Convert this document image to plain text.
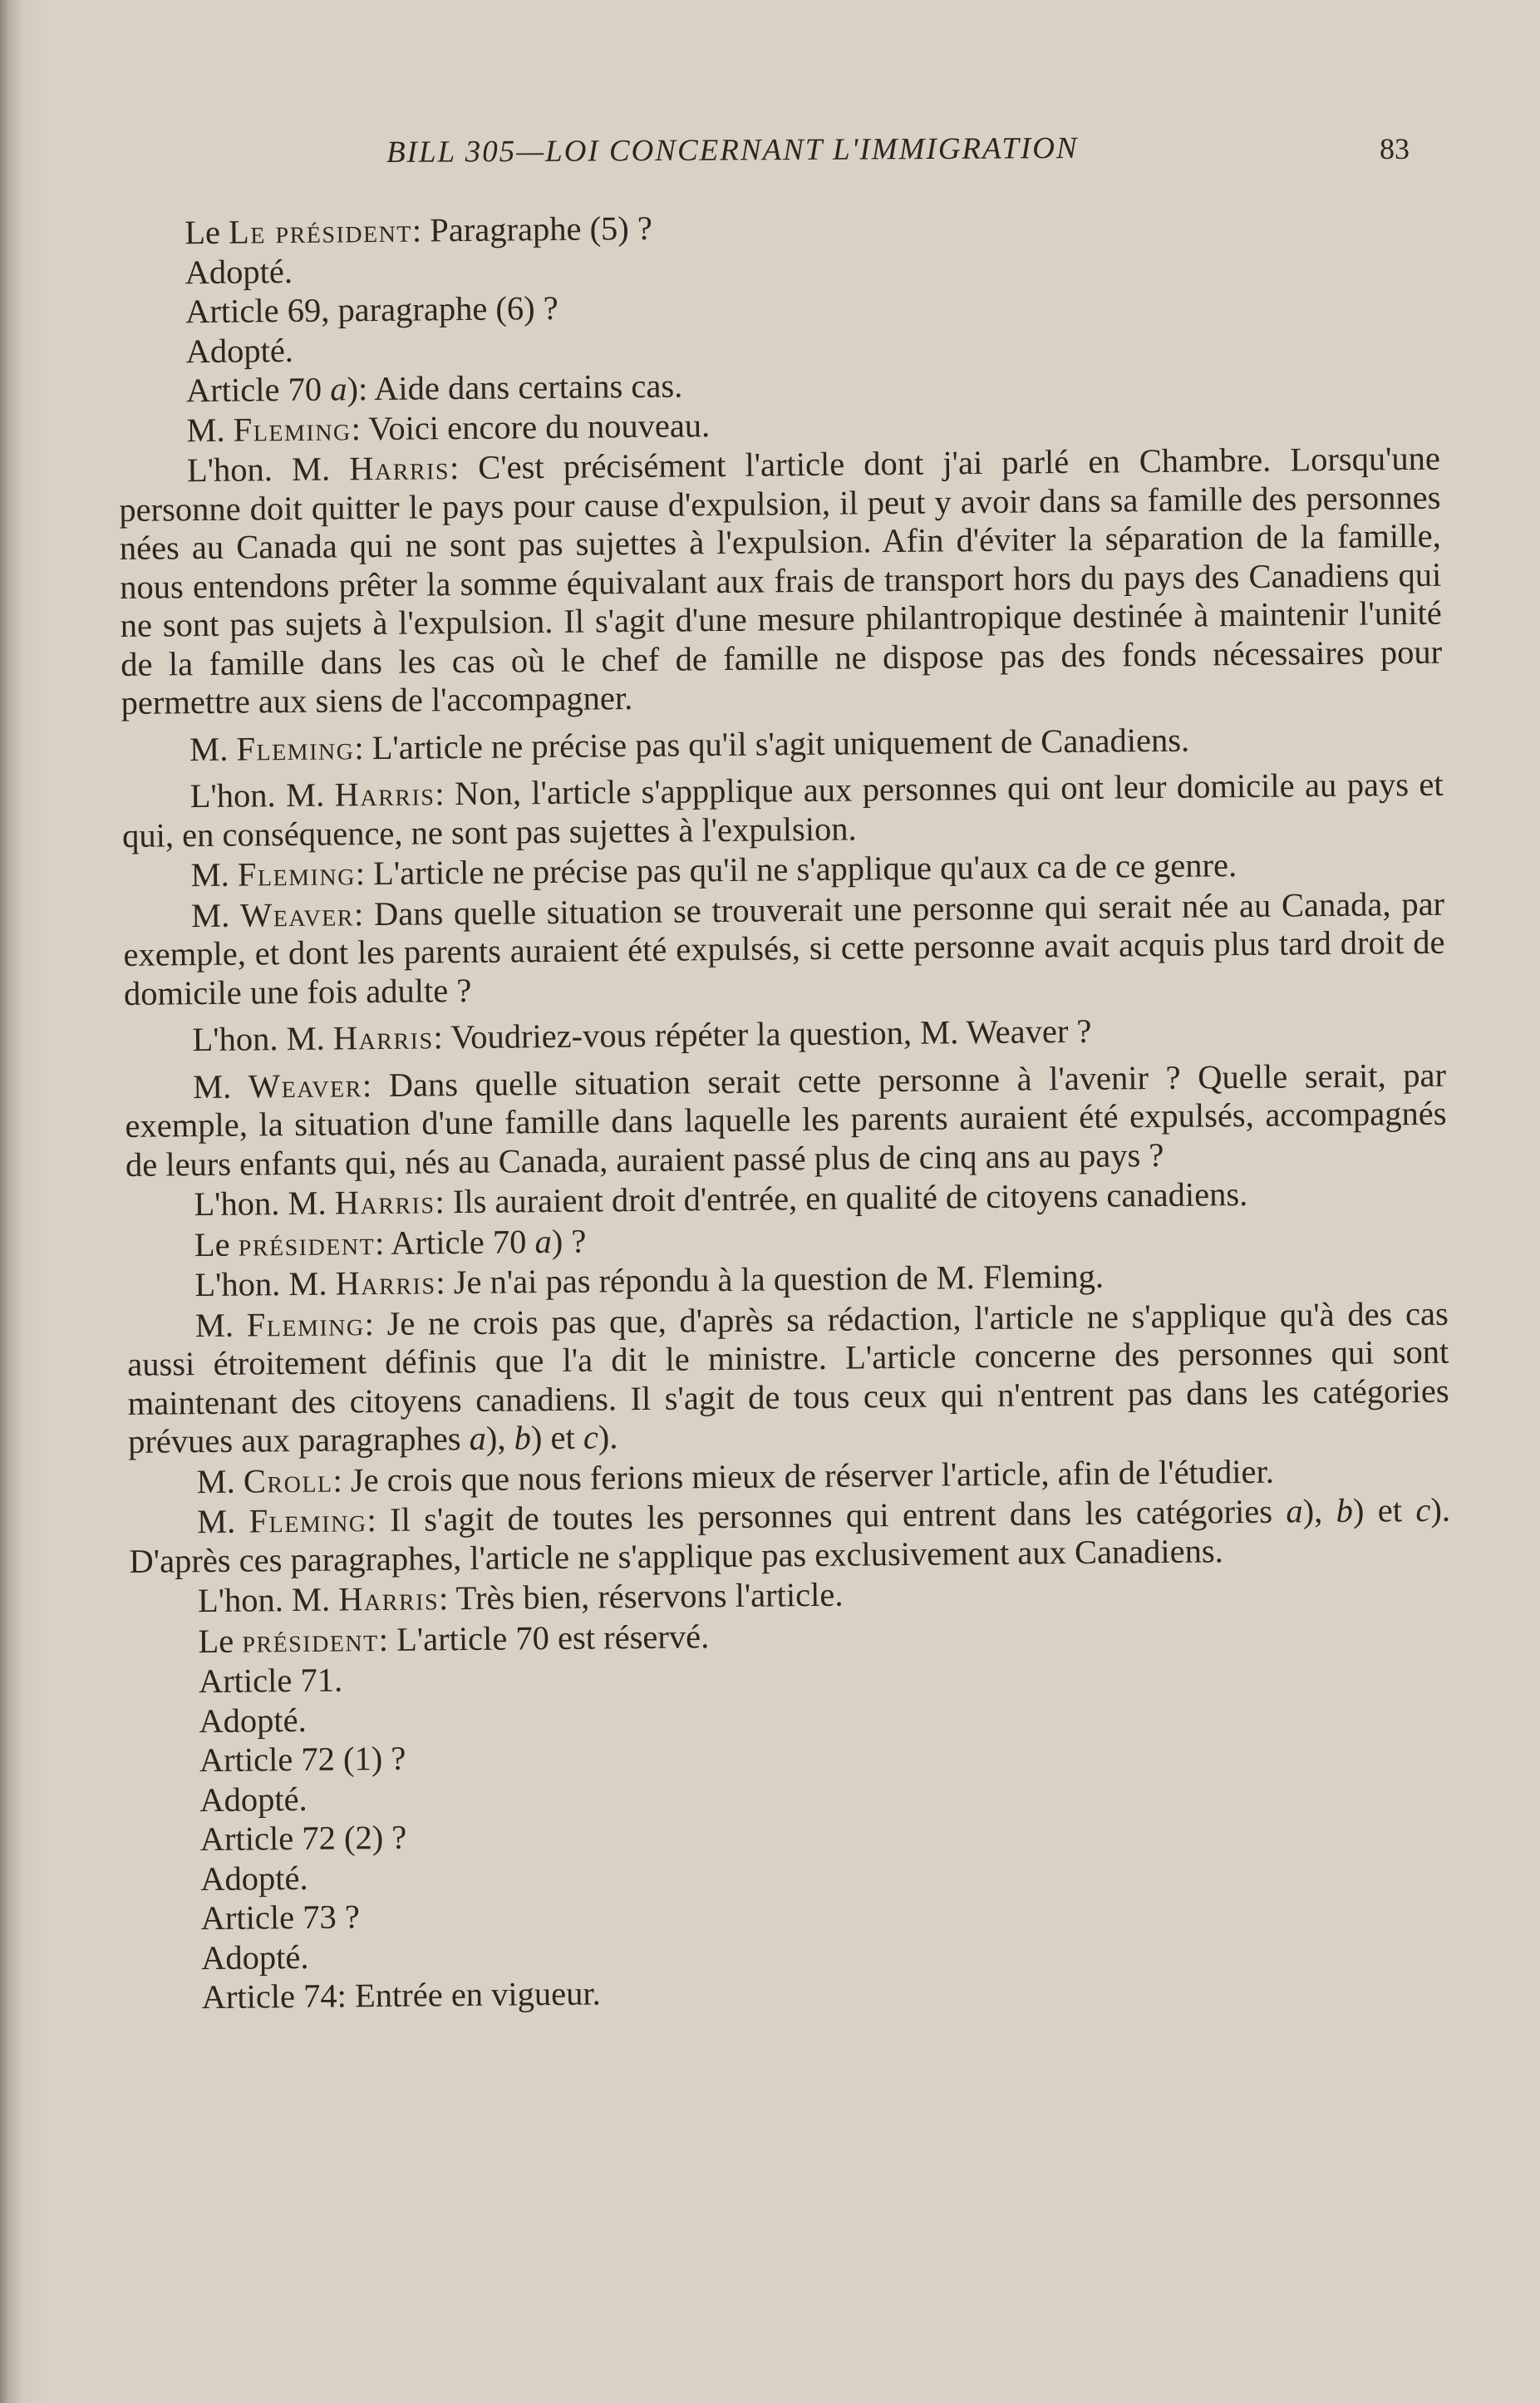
BILL 305—LOI CONCERNANT L'IMMIGRATION	83
Le Le président: Paragraphe (5) ?
Adopté.
Article 69, paragraphe (6) ?
Adopté.
Article 70 a): Aide dans certains cas.

M. Fleming: Voici encore du nouveau.

L'hon. M. Harris: C'est précisément l'article dont j'ai parlé en Chambre. Lorsqu'une personne doit quitter le pays pour cause d'expulsion, il peut y avoir dans sa famille des personnes nées au Canada qui ne sont pas sujettes à l'expulsion. Afin d'éviter la séparation de la famille, nous entendons prêter la somme équivalant aux frais de transport hors du pays des Canadiens qui ne sont pas sujets à l'expulsion. Il s'agit d'une mesure philantropique destinée à maintenir l'unité de la famille dans les cas où le chef de famille ne dispose pas des fonds nécessaires pour permettre aux siens de l'accompagner.

M. Fleming: L'article ne précise pas qu'il s'agit uniquement de Canadiens.

L'hon. M. Harris: Non, l'article s'appplique aux personnes qui ont leur domicile au pays et qui, en conséquence, ne sont pas sujettes à l'expulsion.

M. Fleming: L'article ne précise pas qu'il ne s'applique qu'aux ca de ce genre.

M. Weaver: Dans quelle situation se trouverait une personne qui serait née au Canada, par exemple, et dont les parents auraient été expulsés, si cette personne avait acquis plus tard droit de domicile une fois adulte ?

L'hon. M. Harris: Voudriez-vous répéter la question, M. Weaver ?

M. Weaver: Dans quelle situation serait cette personne à l'avenir ? Quelle serait, par exemple, la situation d'une famille dans laquelle les parents auraient été expulsés, accompagnés de leurs enfants qui, nés au Canada, auraient passé plus de cinq ans au pays ?

L'hon. M. Harris: Ils auraient droit d'entrée, en qualité de citoyens canadiens.

Le président: Article 70 a) ?

L'hon. M. Harris: Je n'ai pas répondu à la question de M. Fleming.

M. Fleming: Je ne crois pas que, d'après sa rédaction, l'article ne s'applique qu'à des cas aussi étroitement définis que l'a dit le ministre. L'article concerne des personnes qui sont maintenant des citoyens canadiens. Il s'agit de tous ceux qui n'entrent pas dans les catégories prévues aux paragraphes a), b) et c).

M. Croll: Je crois que nous ferions mieux de réserver l'article, afin de l'étudier.

M. Fleming: Il s'agit de toutes les personnes qui entrent dans les catégories a), b) et c). D'après ces paragraphes, l'article ne s'applique pas exclusivement aux Canadiens.

L'hon. M. Harris: Très bien, réservons l'article.

Le président: L'article 70 est réservé.

Article 71.
Adopté.
Article 72 (1) ?
Adopté.
Article 72 (2) ?
Adopté.
Article 73 ?
Adopté.
Article 74: Entrée en vigueur.
